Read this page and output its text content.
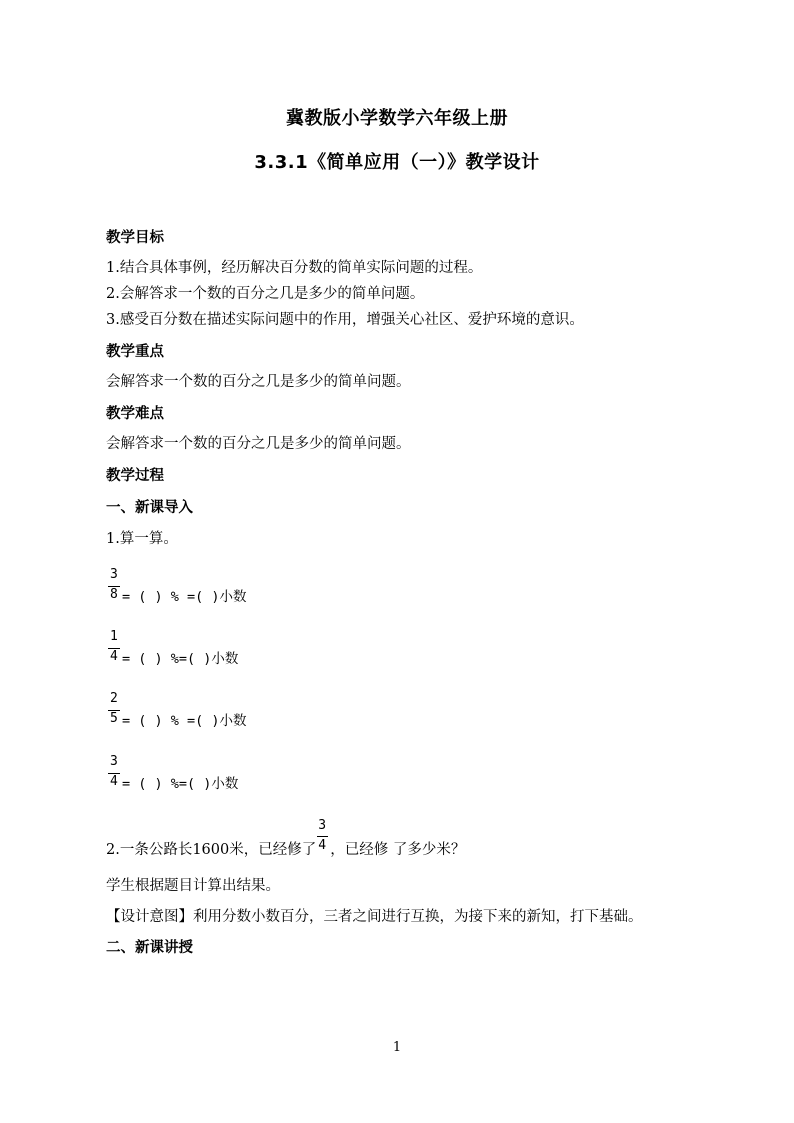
冀教版小学数学六年级上册
3.3.1《简单应用（一）》教学设计
教学目标
1.结合具体事例，经历解决百分数的简单实际问题的过程。
2.会解答求一个数的百分之几是多少的简单问题。
3.感受百分数在描述实际问题中的作用，增强关心社区、爱护环境的意识。
教学重点
会解答求一个数的百分之几是多少的简单问题。
教学难点
会解答求一个数的百分之几是多少的简单问题。
教学过程
一、新课导入
1.算一算。
3
8 = ( ) % =( )小数
1
4 = ( ) %=( )小数
2
5 = ( ) % =( )小数
3
4 = ( ) %=( )小数
2.一条公路长1600米，已经修了 $\frac{3}{4}$ ，已经修 了多少米？
学生根据题目计算出结果。
【设计意图】利用分数小数百分，三者之间进行互换，为接下来的新知，打下基础。
二、新课讲授
1
